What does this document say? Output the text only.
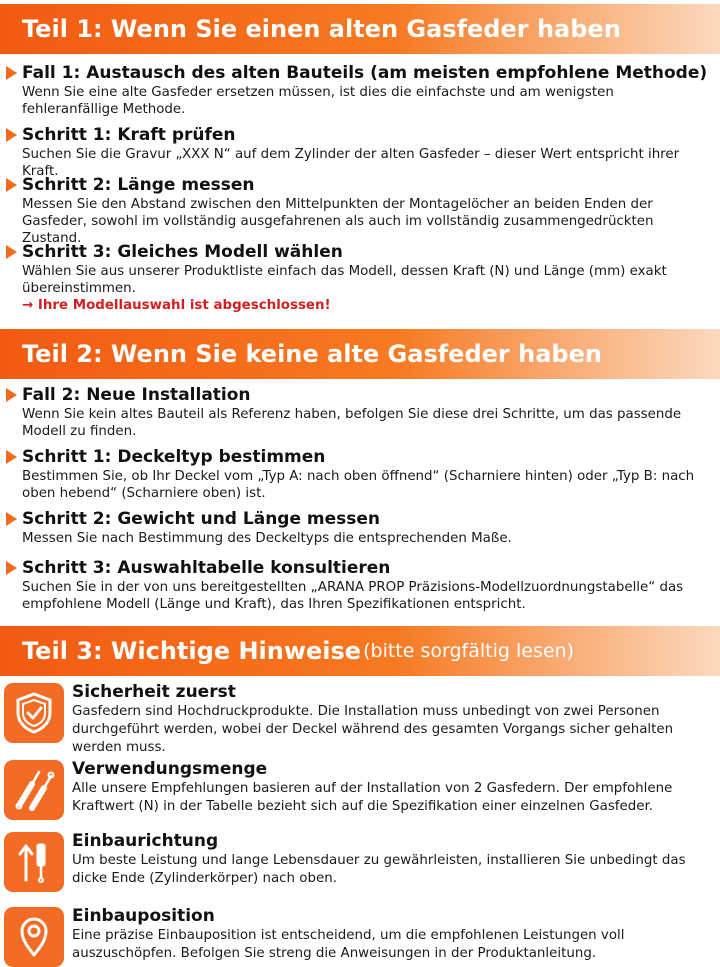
Teil 1: Wenn Sie einen alten Gasfeder haben
Fall 1: Austausch des alten Bauteils (am meisten empfohlene Methode)
Wenn Sie eine alte Gasfeder ersetzen müssen, ist dies die einfachste und am wenigsten fehleranfällige Methode.
Schritt 1: Kraft prüfen
Suchen Sie die Gravur „XXX N“ auf dem Zylinder der alten Gasfeder – dieser Wert entspricht ihrer Kraft.
Schritt 2: Länge messen
Messen Sie den Abstand zwischen den Mittelpunkten der Montagelöcher an beiden Enden der Gasfeder, sowohl im vollständig ausgefahrenen als auch im vollständig zusammengedrückten Zustand.
Schritt 3: Gleiches Modell wählen
Wählen Sie aus unserer Produktliste einfach das Modell, dessen Kraft (N) und Länge (mm) exakt übereinstimmen.
→ Ihre Modellauswahl ist abgeschlossen!
Teil 2: Wenn Sie keine alte Gasfeder haben
Fall 2: Neue Installation
Wenn Sie kein altes Bauteil als Referenz haben, befolgen Sie diese drei Schritte, um das passende Modell zu finden.
Schritt 1: Deckeltyp bestimmen
Bestimmen Sie, ob Ihr Deckel vom „Typ A: nach oben öffnend“ (Scharniere hinten) oder „Typ B: nach oben hebend“ (Scharniere oben) ist.
Schritt 2: Gewicht und Länge messen
Messen Sie nach Bestimmung des Deckeltyps die entsprechenden Maße.
Schritt 3: Auswahltabelle konsultieren
Suchen Sie in der von uns bereitgestellten „ARANA PROP Präzisions-Modellzuordnungstabelle“ das empfohlene Modell (Länge und Kraft), das Ihren Spezifikationen entspricht.
Teil 3: Wichtige Hinweise (bitte sorgfältig lesen)
Sicherheit zuerst
Gasfedern sind Hochdruckprodukte. Die Installation muss unbedingt von zwei Personen durchgeführt werden, wobei der Deckel während des gesamten Vorgangs sicher gehalten werden muss.
Verwendungsmenge
Alle unsere Empfehlungen basieren auf der Installation von 2 Gasfedern. Der empfohlene Kraftwert (N) in der Tabelle bezieht sich auf die Spezifikation einer einzelnen Gasfeder.
Einbaurichtung
Um beste Leistung und lange Lebensdauer zu gewährleisten, installieren Sie unbedingt das dicke Ende (Zylinderkörper) nach oben.
Einbauposition
Eine präzise Einbauposition ist entscheidend, um die empfohlenen Leistungen voll auszuschöpfen. Befolgen Sie streng die Anweisungen in der Produktanleitung.
